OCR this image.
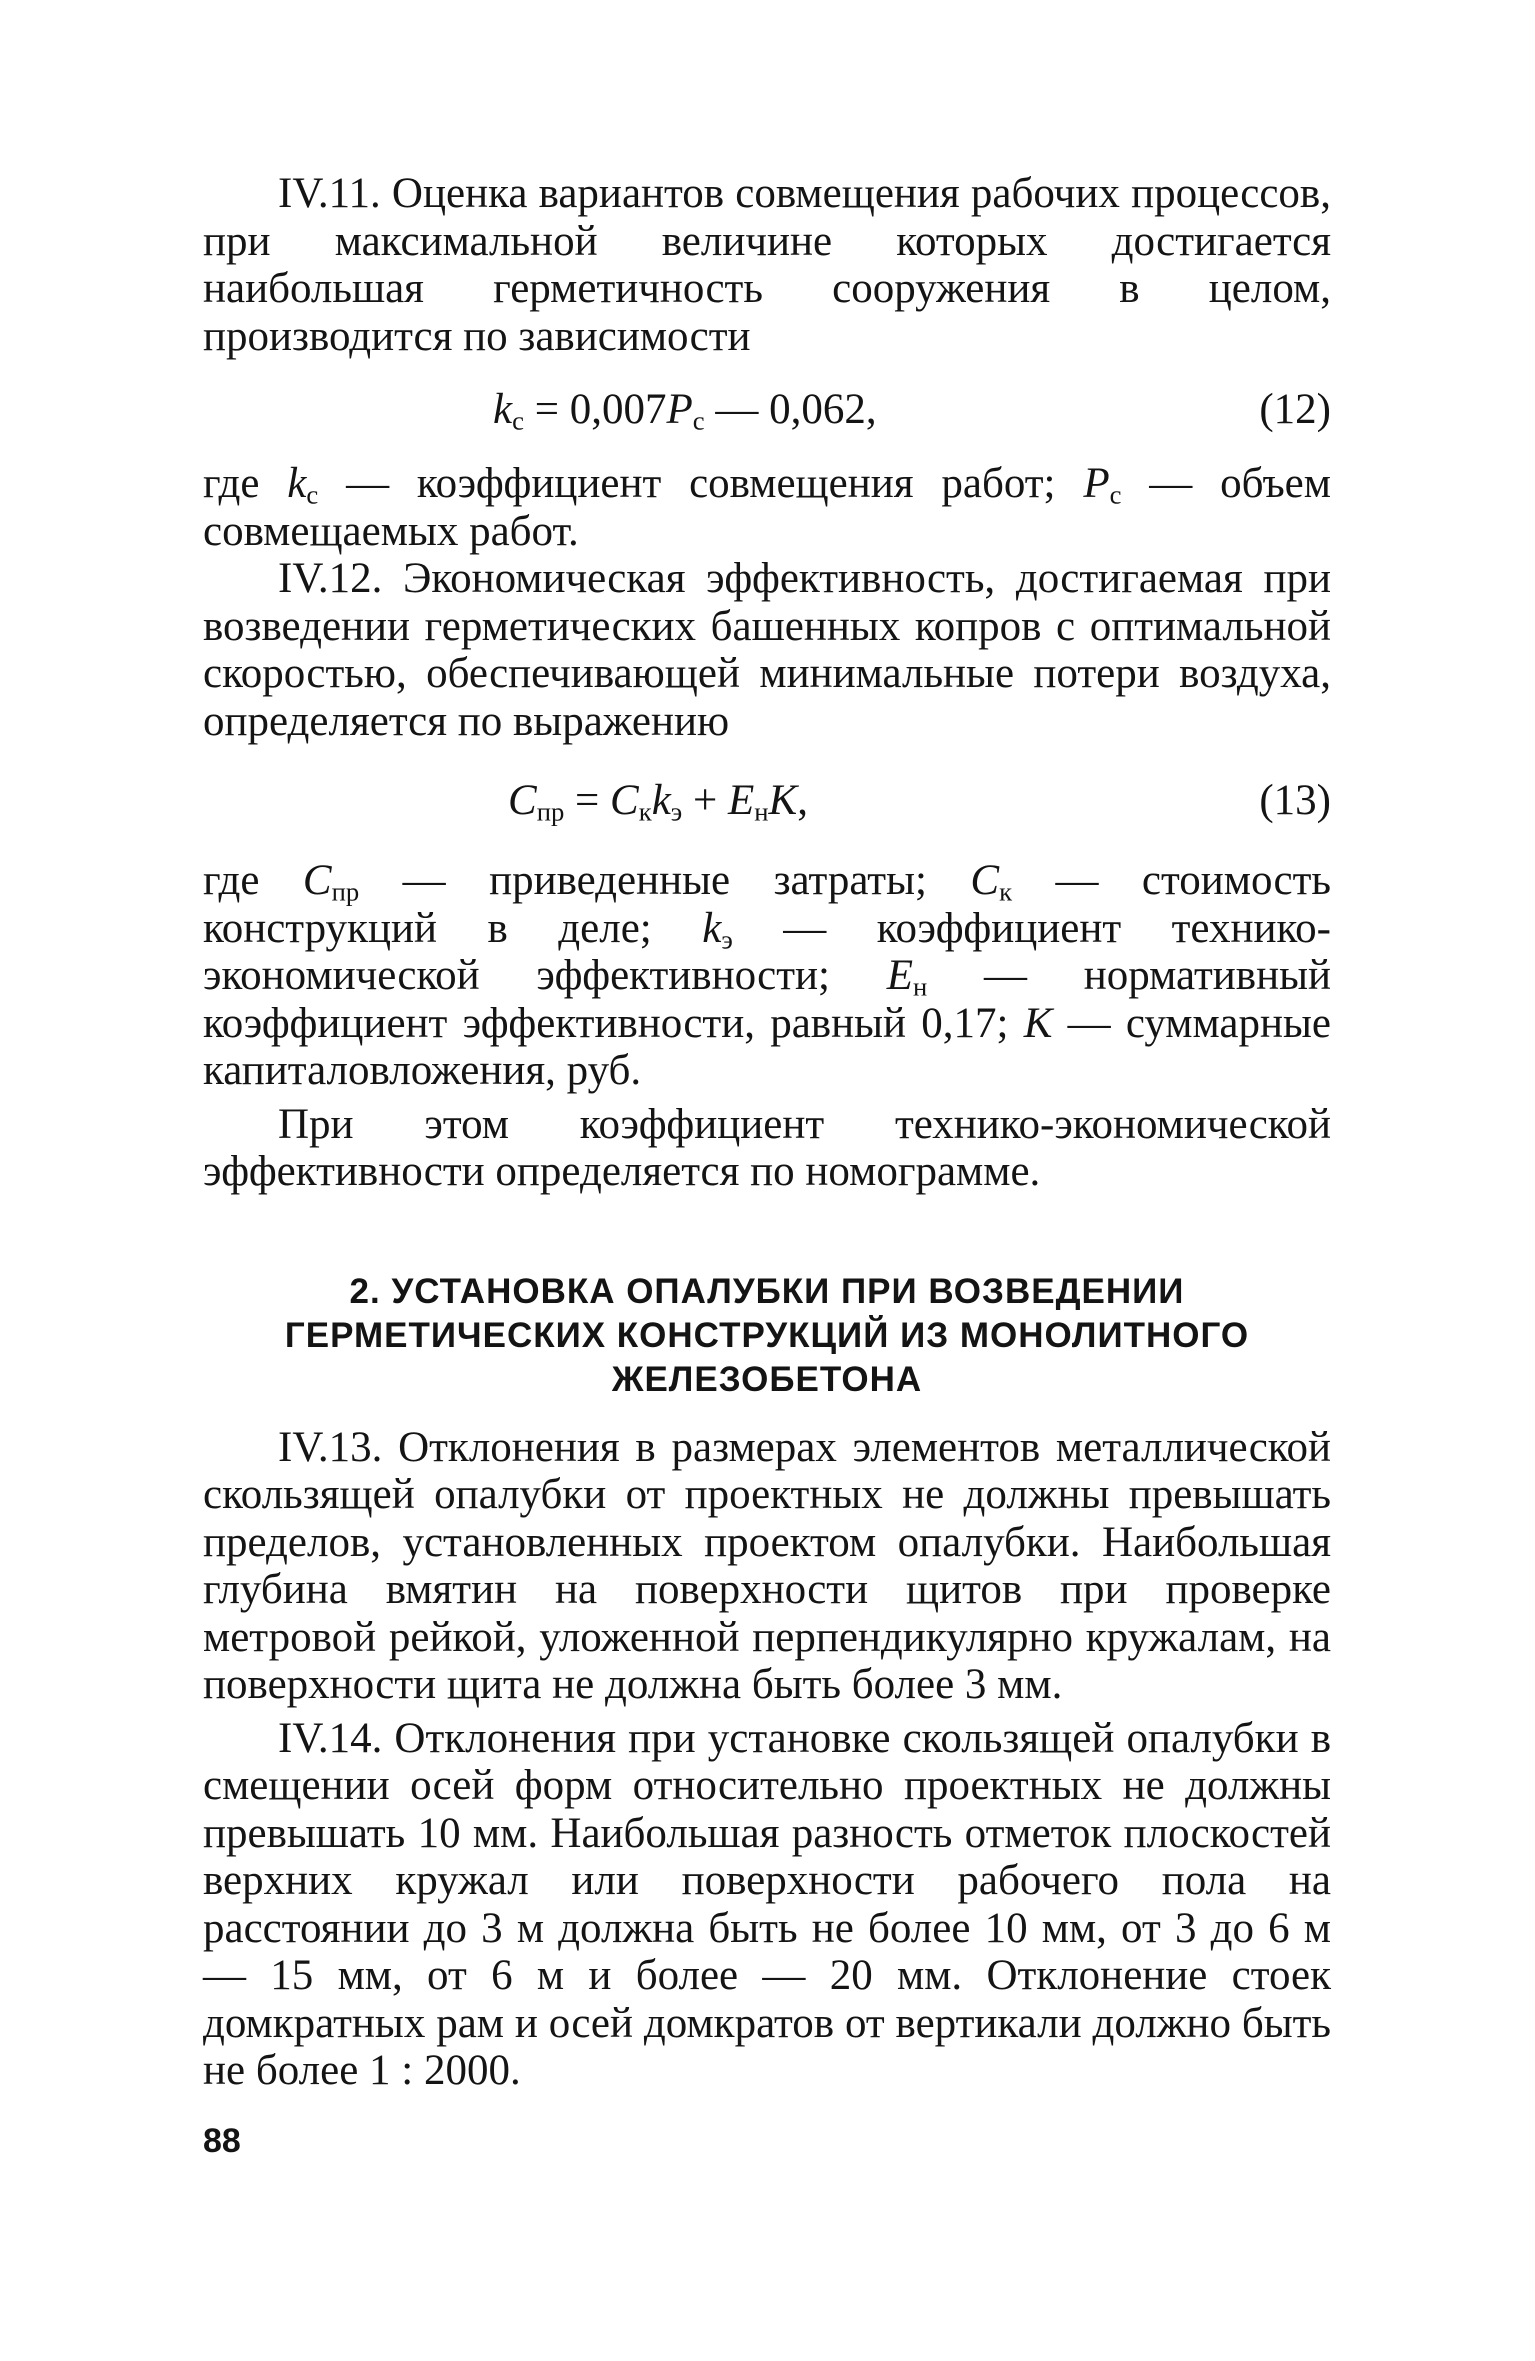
IV.11. Оценка вариантов совмещения рабочих процессов, при максимальной величине которых достигается наибольшая герметичность сооружения в целом, производится по зависимости

$k_с = 0,007P_с$ — 0,062,	(12)

где $k_с$ — коэффициент совмещения работ; $P_с$ — объем совмещаемых работ.

IV.12. Экономическая эффективность, достигаемая при возведении герметических башенных копров с оптимальной скоростью, обеспечивающей минимальные потери воздуха, определяется по выражению

$C_{пр} = C_кk_э + E_нK$,	(13)

где $C_{пр}$ — приведенные затраты; $C_к$ — стоимость конструкций в деле; $k_э$ — коэффициент технико-экономической эффективности; $E_н$ — нормативный коэффициент эффективности, равный 0,17; K — суммарные капиталовложения, руб.

При этом коэффициент технико-экономической эффективности определяется по номограмме.

2. УСТАНОВКА ОПАЛУБКИ ПРИ ВОЗВЕДЕНИИ ГЕРМЕТИЧЕСКИХ КОНСТРУКЦИЙ ИЗ МОНОЛИТНОГО ЖЕЛЕЗОБЕТОНА

IV.13. Отклонения в размерах элементов металлической скользящей опалубки от проектных не должны превышать пределов, установленных проектом опалубки. Наибольшая глубина вмятин на поверхности щитов при проверке метровой рейкой, уложенной перпендикулярно кружалам, на поверхности щита не должна быть более 3 мм.

IV.14. Отклонения при установке скользящей опалубки в смещении осей форм относительно проектных не должны превышать 10 мм. Наибольшая разность отметок плоскостей верхних кружал или поверхности рабочего пола на расстоянии до 3 м должна быть не более 10 мм, от 3 до 6 м — 15 мм, от 6 м и более — 20 мм. Отклонение стоек домкратных рам и осей домкратов от вертикали должно быть не более 1 : 2000.

88
